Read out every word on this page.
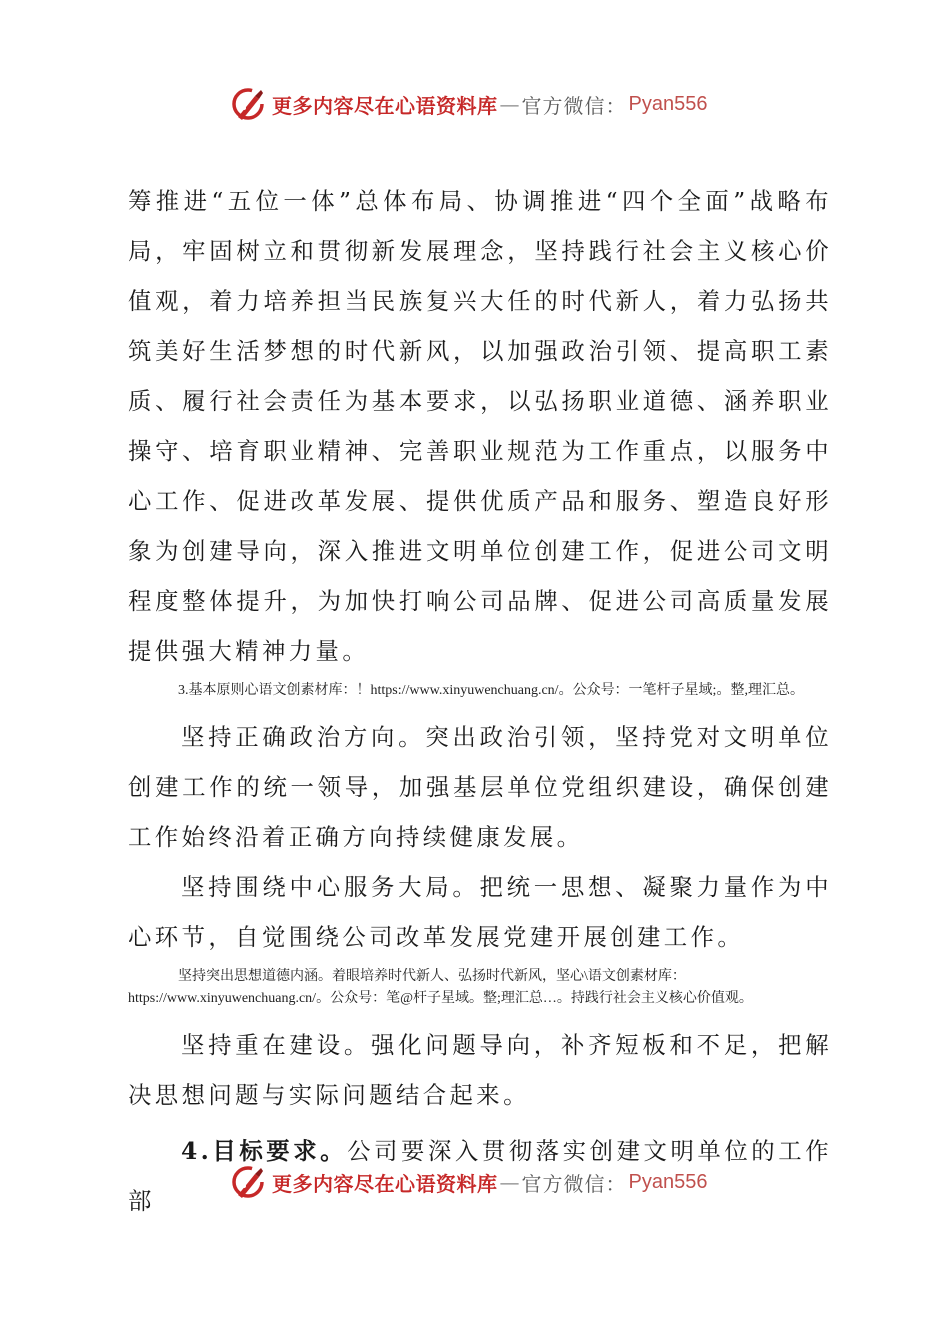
更多内容尽在心语资料库 — 官方微信： Pyan556

筹推进“五位一体”总体布局、协调推进“四个全面”战略布局，牢固树立和贯彻新发展理念，坚持践行社会主义核心价值观，着力培养担当民族复兴大任的时代新人，着力弘扬共筑美好生活梦想的时代新风，以加强政治引领、提高职工素质、履行社会责任为基本要求，以弘扬职业道德、涵养职业操守、培育职业精神、完善职业规范为工作重点，以服务中心工作、促进改革发展、提供优质产品和服务、塑造良好形象为创建导向，深入推进文明单位创建工作，促进公司文明程度整体提升，为加快打响公司品牌、促进公司高质量发展提供强大精神力量。

3.基本原则心语文创素材库：！https://www.xinyuwenchuang.cn/。公众号：一笔杆子星域;。整,理汇总。

坚持正确政治方向。突出政治引领，坚持党对文明单位创建工作的统一领导，加强基层单位党组织建设，确保创建工作始终沿着正确方向持续健康发展。

坚持围绕中心服务大局。把统一思想、凝聚力量作为中心环节，自觉围绕公司改革发展党建开展创建工作。

坚持突出思想道德内涵。着眼培养时代新人、弘扬时代新风，坚心\语文创素材库：https://www.xinyuwenchuang.cn/。公众号：笔@杆子星域。整;理汇总…。持践行社会主义核心价值观。

坚持重在建设。强化问题导向，补齐短板和不足，把解决思想问题与实际问题结合起来。

4.目标要求。公司要深入贯彻落实创建文明单位的工作部

更多内容尽在心语资料库 — 官方微信： Pyan556
